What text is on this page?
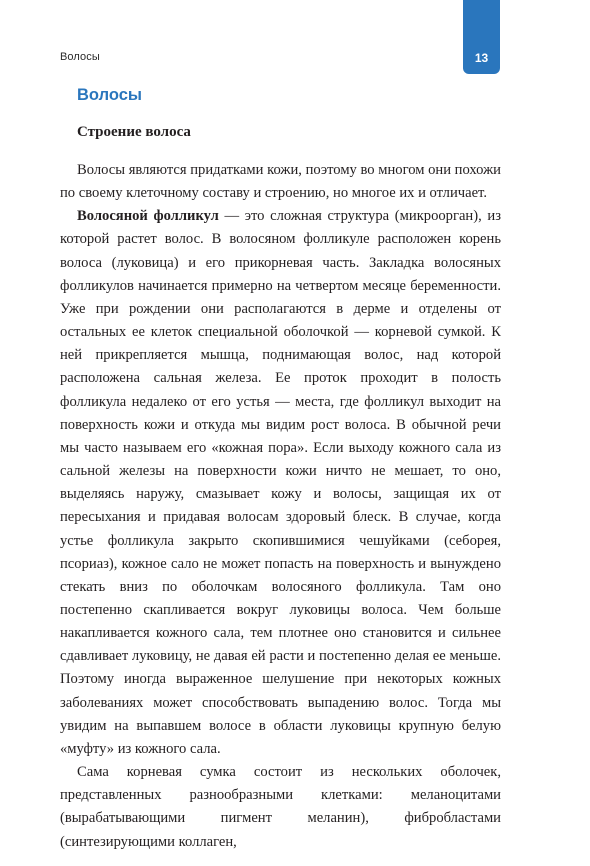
Волосы	13
Волосы
Строение волоса

Волосы являются придатками кожи, поэтому во многом они похожи по своему клеточному составу и строению, но многое их и отличает.

Волосяной фолликул — это сложная структура (микроорган), из которой растет волос. В волосяном фолликуле расположен корень волоса (луковица) и его прикорневая часть. Закладка волосяных фолликулов начинается примерно на четвертом месяце беременности. Уже при рождении они располагаются в дерме и отделены от остальных ее клеток специальной оболочкой — корневой сумкой. К ней прикрепляется мышца, поднимающая волос, над которой расположена сальная железа. Ее проток проходит в полость фолликула недалеко от его устья — места, где фолликул выходит на поверхность кожи и откуда мы видим рост волоса. В обычной речи мы часто называем его «кожная пора». Если выходу кожного сала из сальной железы на поверхности кожи ничто не мешает, то оно, выделяясь наружу, смазывает кожу и волосы, защищая их от пересыхания и придавая волосам здоровый блеск. В случае, когда устье фолликула закрыто скопившимися чешуйками (себорея, псориаз), кожное сало не может попасть на поверхность и вынуждено стекать вниз по оболочкам волосяного фолликула. Там оно постепенно скапливается вокруг луковицы волоса. Чем больше накапливается кожного сала, тем плотнее оно становится и сильнее сдавливает луковицу, не давая ей расти и постепенно делая ее меньше. Поэтому иногда выраженное шелушение при некоторых кожных заболеваниях может способствовать выпадению волос. Тогда мы увидим на выпавшем волосе в области луковицы крупную белую «муфту» из кожного сала.

Сама корневая сумка состоит из нескольких оболочек, представленных разнообразными клетками: меланоцитами (вырабатывающими пигмент меланин), фибробластами (синтезирующими коллаген,
